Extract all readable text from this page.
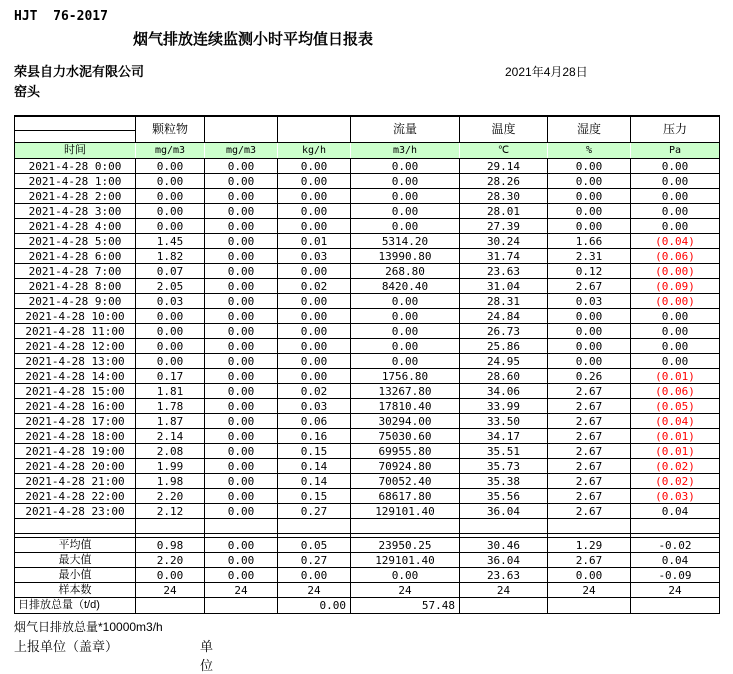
HJT  76-2017
烟气排放连续监测小时平均值日报表
荣县自力水泥有限公司	2021年4月28日
窑头
	颗粒物			流量	温度	湿度	压力
时间	mg/m3	mg/m3	kg/h	m3/h	℃	%	Pa
2021-4-28 0:00	0.00	0.00	0.00	0.00	29.14	0.00	0.00
2021-4-28 1:00	0.00	0.00	0.00	0.00	28.26	0.00	0.00
2021-4-28 2:00	0.00	0.00	0.00	0.00	28.30	0.00	0.00
2021-4-28 3:00	0.00	0.00	0.00	0.00	28.01	0.00	0.00
2021-4-28 4:00	0.00	0.00	0.00	0.00	27.39	0.00	0.00
2021-4-28 5:00	1.45	0.00	0.01	5314.20	30.24	1.66	(0.04)
2021-4-28 6:00	1.82	0.00	0.03	13990.80	31.74	2.31	(0.06)
2021-4-28 7:00	0.07	0.00	0.00	268.80	23.63	0.12	(0.00)
2021-4-28 8:00	2.05	0.00	0.02	8420.40	31.04	2.67	(0.09)
2021-4-28 9:00	0.03	0.00	0.00	0.00	28.31	0.03	(0.00)
2021-4-28 10:00	0.00	0.00	0.00	0.00	24.84	0.00	0.00
2021-4-28 11:00	0.00	0.00	0.00	0.00	26.73	0.00	0.00
2021-4-28 12:00	0.00	0.00	0.00	0.00	25.86	0.00	0.00
2021-4-28 13:00	0.00	0.00	0.00	0.00	24.95	0.00	0.00
2021-4-28 14:00	0.17	0.00	0.00	1756.80	28.60	0.26	(0.01)
2021-4-28 15:00	1.81	0.00	0.02	13267.80	34.06	2.67	(0.06)
2021-4-28 16:00	1.78	0.00	0.03	17810.40	33.99	2.67	(0.05)
2021-4-28 17:00	1.87	0.00	0.06	30294.00	33.50	2.67	(0.04)
2021-4-28 18:00	2.14	0.00	0.16	75030.60	34.17	2.67	(0.01)
2021-4-28 19:00	2.08	0.00	0.15	69955.80	35.51	2.67	(0.01)
2021-4-28 20:00	1.99	0.00	0.14	70924.80	35.73	2.67	(0.02)
2021-4-28 21:00	1.98	0.00	0.14	70052.40	35.38	2.67	(0.02)
2021-4-28 22:00	2.20	0.00	0.15	68617.80	35.56	2.67	(0.03)
2021-4-28 23:00	2.12	0.00	0.27	129101.40	36.04	2.67	0.04

平均值	0.98	0.00	0.05	23950.25	30.46	1.29	-0.02
最大值	2.20	0.00	0.27	129101.40	36.04	2.67	0.04
最小值	0.00	0.00	0.00	0.00	23.63	0.00	-0.09
样本数	24	24	24	24	24	24	24
日排放总量（t/d)			0.00	57.48			
烟气日排放总量*10000m3/h
上报单位（盖章）	单位
